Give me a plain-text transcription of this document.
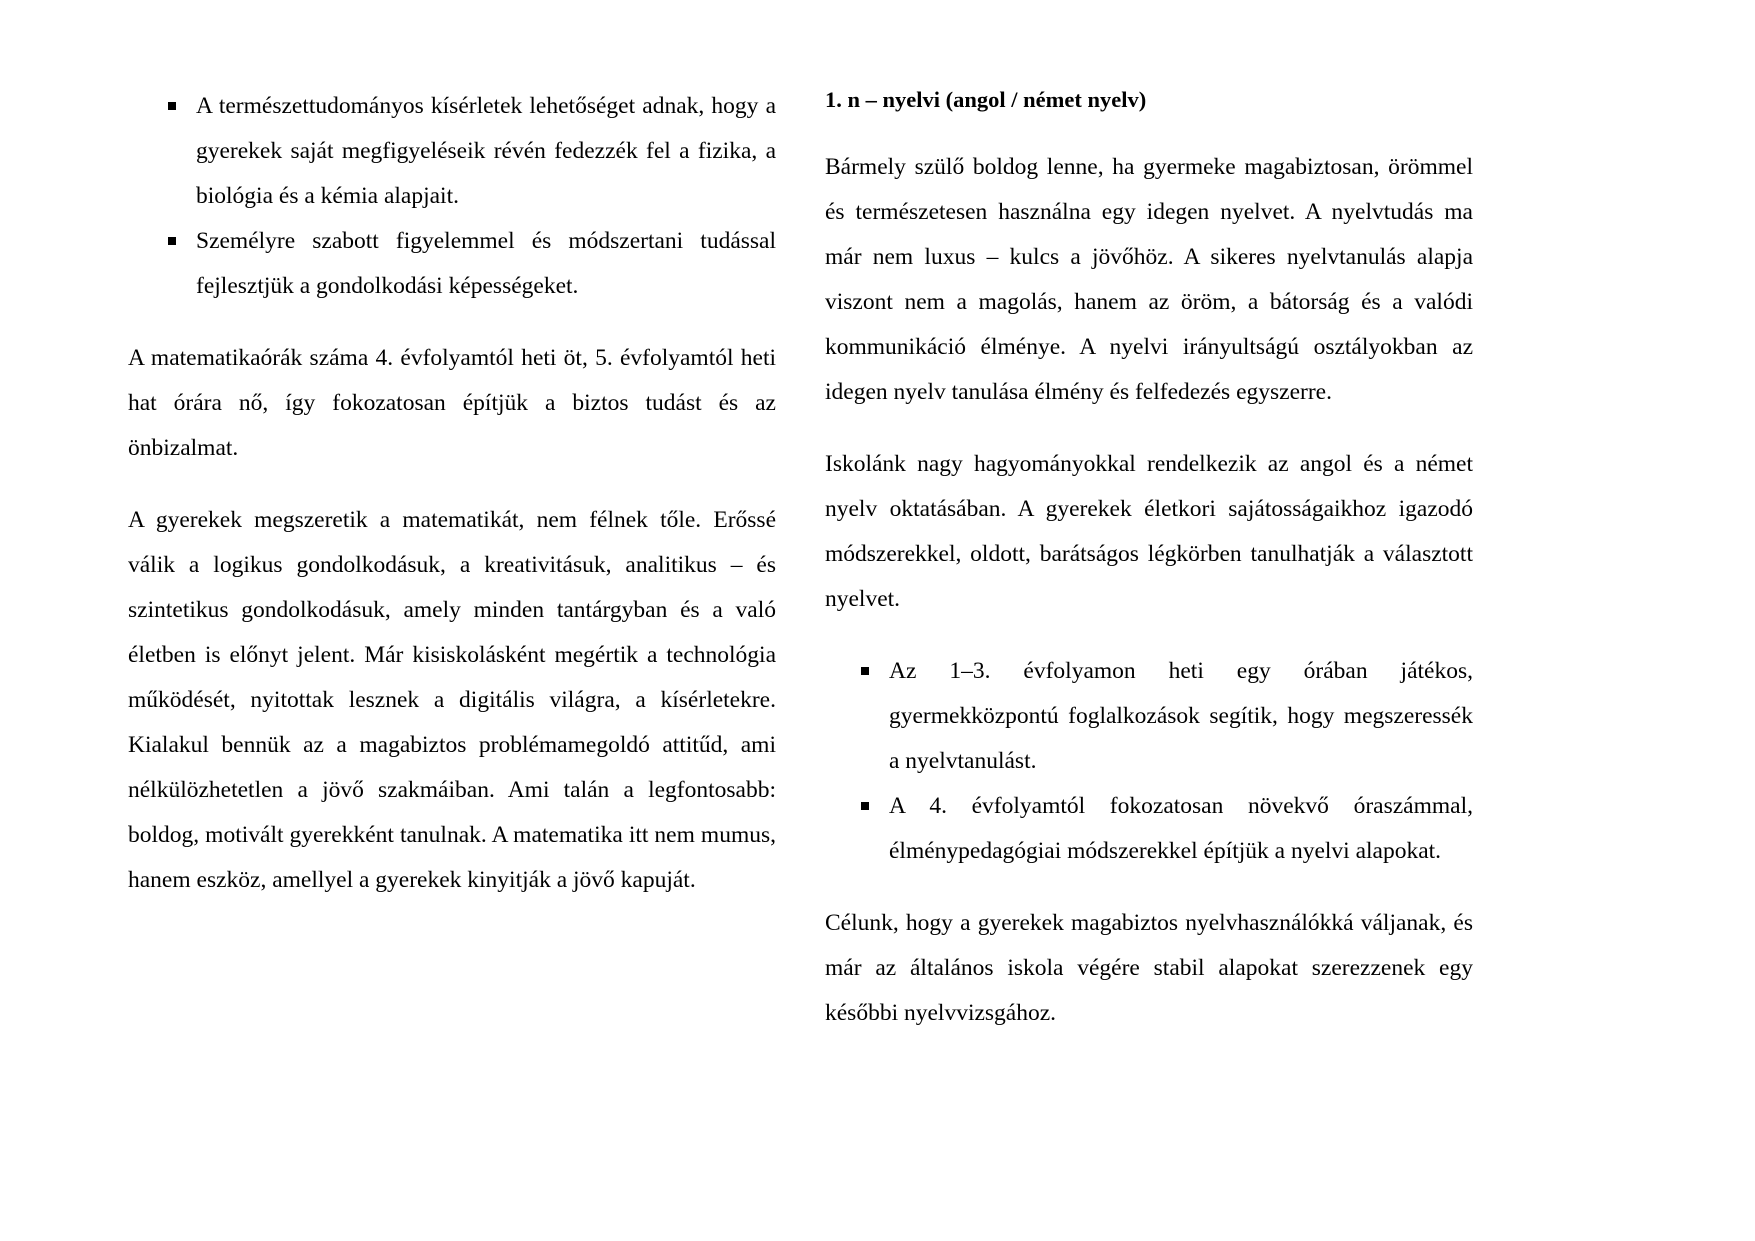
A természettudományos kísérletek lehetőséget adnak, hogy a gyerekek saját megfigyeléseik révén fedezzék fel a fizika, a biológia és a kémia alapjait.
Személyre szabott figyelemmel és módszertani tudással fejlesztjük a gondolkodási képességeket.

A matematikaórák száma 4. évfolyamtól heti öt, 5. évfolyamtól heti hat órára nő, így fokozatosan építjük a biztos tudást és az önbizalmat.

A gyerekek megszeretik a matematikát, nem félnek tőle. Erőssé válik a logikus gondolkodásuk, a kreativitásuk, analitikus – és szintetikus gondolkodásuk, amely minden tantárgyban és a való életben is előnyt jelent. Már kisiskolásként megértik a technológia működését, nyitottak lesznek a digitális világra, a kísérletekre. Kialakul bennük az a magabiztos problémamegoldó attitűd, ami nélkülözhetetlen a jövő szakmáiban. Ami talán a legfontosabb: boldog, motivált gyerekként tanulnak. A matematika itt nem mumus, hanem eszköz, amellyel a gyerekek kinyitják a jövő kapuját.

1. n – nyelvi (angol / német nyelv)

Bármely szülő boldog lenne, ha gyermeke magabiztosan, örömmel és természetesen használna egy idegen nyelvet. A nyelvtudás ma már nem luxus – kulcs a jövőhöz. A sikeres nyelvtanulás alapja viszont nem a magolás, hanem az öröm, a bátorság és a valódi kommunikáció élménye. A nyelvi irányultságú osztályokban az idegen nyelv tanulása élmény és felfedezés egyszerre.

Iskolánk nagy hagyományokkal rendelkezik az angol és a német nyelv oktatásában. A gyerekek életkori sajátosságaikhoz igazodó módszerekkel, oldott, barátságos légkörben tanulhatják a választott nyelvet.

Az 1–3. évfolyamon heti egy órában játékos, gyermekközpontú foglalkozások segítik, hogy megszeressék a nyelvtanulást.
A 4. évfolyamtól fokozatosan növekvő óraszámmal, élménypedagógiai módszerekkel építjük a nyelvi alapokat.

Célunk, hogy a gyerekek magabiztos nyelvhasználókká váljanak, és már az általános iskola végére stabil alapokat szerezzenek egy későbbi nyelvvizsgához.
